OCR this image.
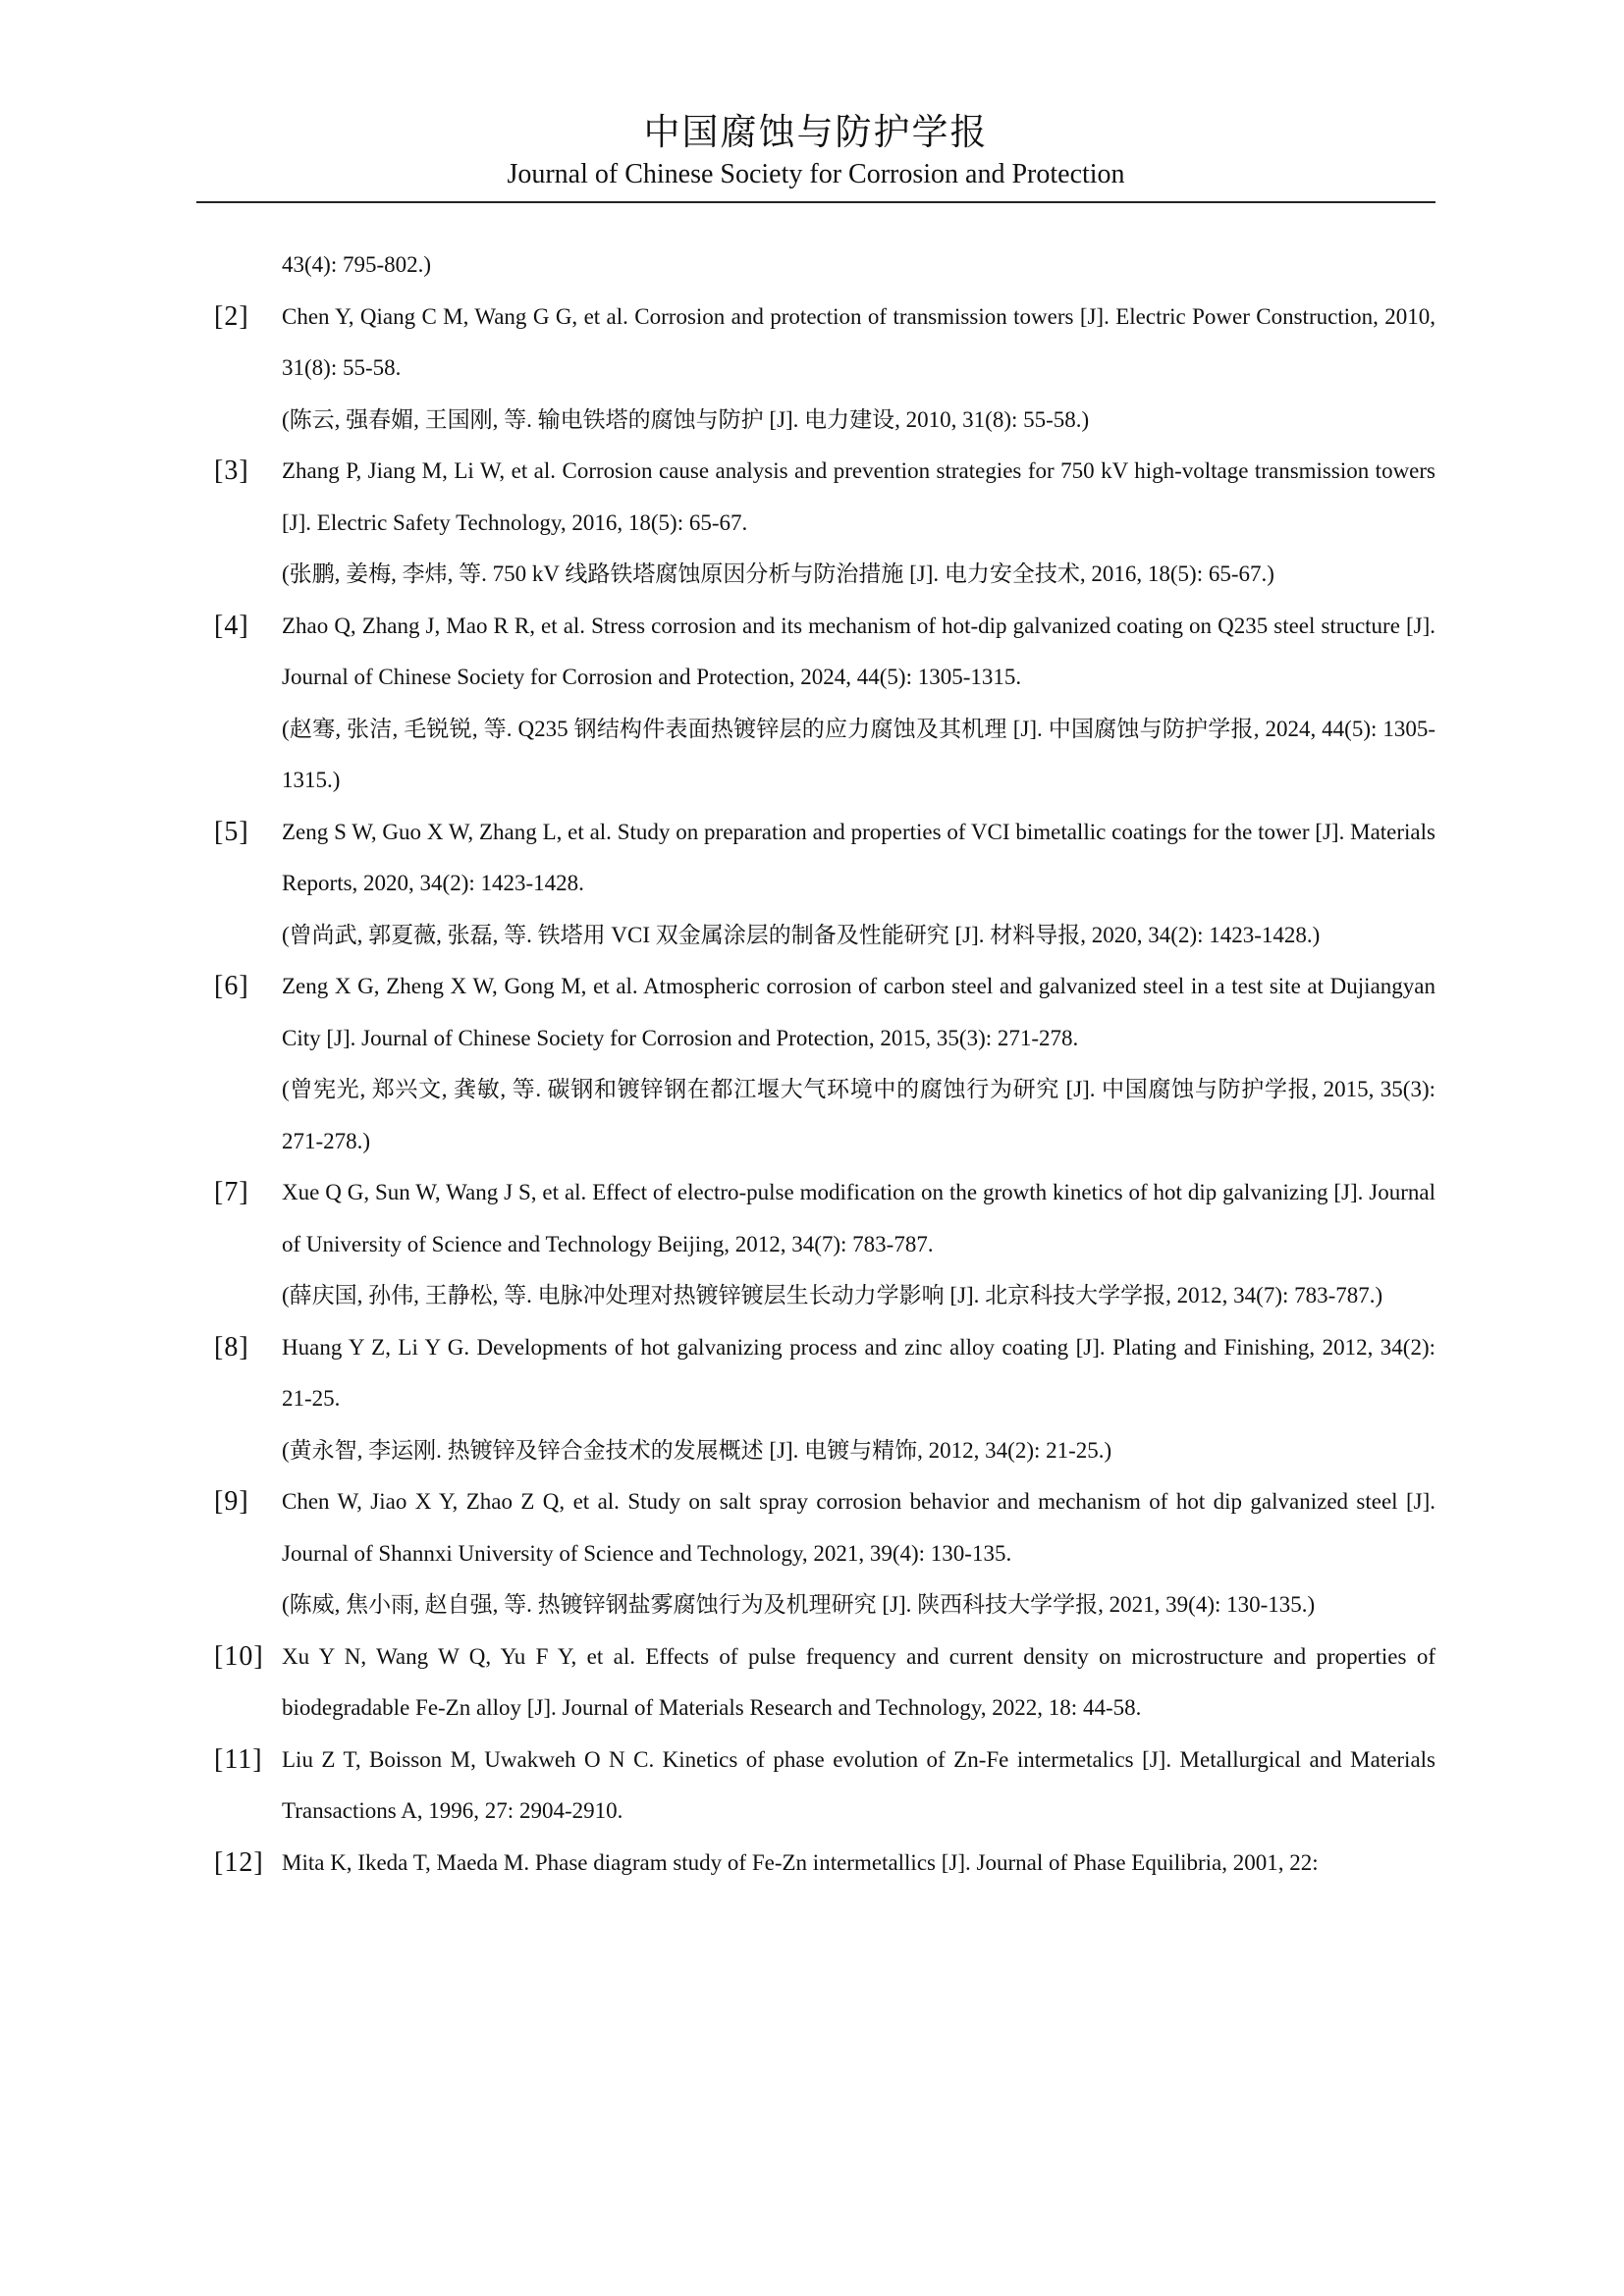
中国腐蚀与防护学报
Journal of Chinese Society for Corrosion and Protection
43(4): 795-802.)
[2]	Chen Y, Qiang C M, Wang G G, et al. Corrosion and protection of transmission towers [J]. Electric Power Construction, 2010, 31(8): 55-58.
(陈云, 强春媚, 王国刚, 等. 输电铁塔的腐蚀与防护 [J]. 电力建设, 2010, 31(8): 55-58.)
[3]	Zhang P, Jiang M, Li W, et al. Corrosion cause analysis and prevention strategies for 750 kV high-voltage transmission towers [J]. Electric Safety Technology, 2016, 18(5): 65-67.
(张鹏, 姜梅, 李炜, 等. 750 kV 线路铁塔腐蚀原因分析与防治措施 [J]. 电力安全技术, 2016, 18(5): 65-67.)
[4]	Zhao Q, Zhang J, Mao R R, et al. Stress corrosion and its mechanism of hot-dip galvanized coating on Q235 steel structure [J]. Journal of Chinese Society for Corrosion and Protection, 2024, 44(5): 1305-1315.
(赵骞, 张洁, 毛锐锐, 等. Q235 钢结构件表面热镀锌层的应力腐蚀及其机理 [J]. 中国腐蚀与防护学报, 2024, 44(5): 1305-1315.)
[5]	Zeng S W, Guo X W, Zhang L, et al. Study on preparation and properties of VCI bimetallic coatings for the tower [J]. Materials Reports, 2020, 34(2): 1423-1428.
(曾尚武, 郭夏薇, 张磊, 等. 铁塔用 VCI 双金属涂层的制备及性能研究 [J]. 材料导报, 2020, 34(2): 1423-1428.)
[6]	Zeng X G, Zheng X W, Gong M, et al. Atmospheric corrosion of carbon steel and galvanized steel in a test site at Dujiangyan City [J]. Journal of Chinese Society for Corrosion and Protection, 2015, 35(3): 271-278.
(曾宪光, 郑兴文, 龚敏, 等. 碳钢和镀锌钢在都江堰大气环境中的腐蚀行为研究 [J]. 中国腐蚀与防护学报, 2015, 35(3): 271-278.)
[7]	Xue Q G, Sun W, Wang J S, et al. Effect of electro-pulse modification on the growth kinetics of hot dip galvanizing [J]. Journal of University of Science and Technology Beijing, 2012, 34(7): 783-787.
(薛庆国, 孙伟, 王静松, 等. 电脉冲处理对热镀锌镀层生长动力学影响 [J]. 北京科技大学学报, 2012, 34(7): 783-787.)
[8]	Huang Y Z, Li Y G. Developments of hot galvanizing process and zinc alloy coating [J]. Plating and Finishing, 2012, 34(2): 21-25.
(黄永智, 李运刚. 热镀锌及锌合金技术的发展概述 [J]. 电镀与精饰, 2012, 34(2): 21-25.)
[9]	Chen W, Jiao X Y, Zhao Z Q, et al. Study on salt spray corrosion behavior and mechanism of hot dip galvanized steel [J]. Journal of Shannxi University of Science and Technology, 2021, 39(4): 130-135.
(陈威, 焦小雨, 赵自强, 等. 热镀锌钢盐雾腐蚀行为及机理研究 [J]. 陕西科技大学学报, 2021, 39(4): 130-135.)
[10] Xu Y N, Wang W Q, Yu F Y, et al. Effects of pulse frequency and current density on microstructure and properties of biodegradable Fe-Zn alloy [J]. Journal of Materials Research and Technology, 2022, 18: 44-58.
[11] Liu Z T, Boisson M, Uwakweh O N C. Kinetics of phase evolution of Zn-Fe intermetalics [J]. Metallurgical and Materials Transactions A, 1996, 27: 2904-2910.
[12] Mita K, Ikeda T, Maeda M. Phase diagram study of Fe-Zn intermetallics [J]. Journal of Phase Equilibria, 2001, 22:
